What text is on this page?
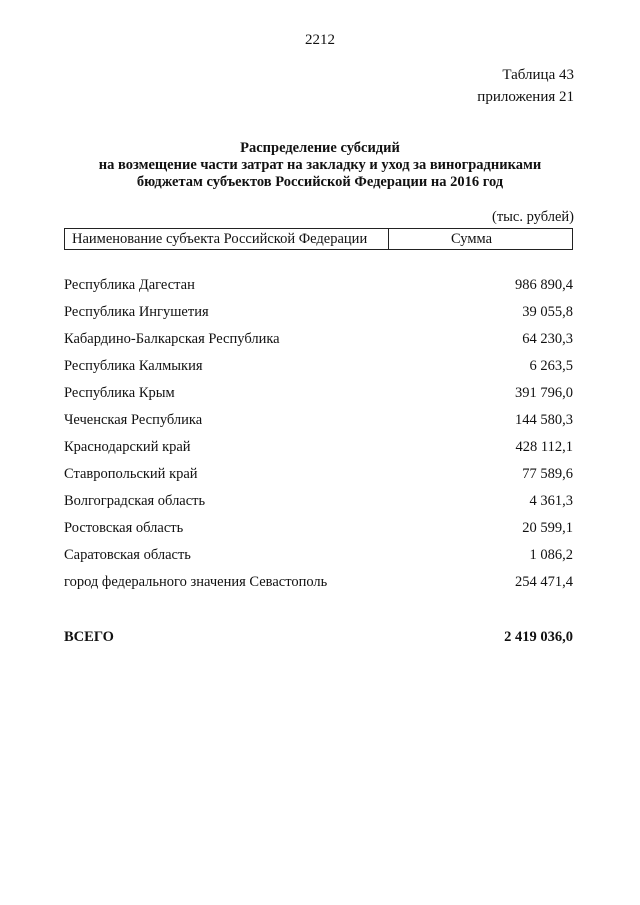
2212
Таблица 43
приложения 21
Распределение субсидий
на возмещение части затрат на закладку и уход за виноградниками
бюджетам субъектов Российской Федерации на 2016 год
(тыс. рублей)
Наименование субъекта Российской Федерации	Сумма
Республика Дагестан	986 890,4
Республика Ингушетия	39 055,8
Кабардино-Балкарская Республика	64 230,3
Республика Калмыкия	6 263,5
Республика Крым	391 796,0
Чеченская Республика	144 580,3
Краснодарский край	428 112,1
Ставропольский край	77 589,6
Волгоградская область	4 361,3
Ростовская область	20 599,1
Саратовская область	1 086,2
город федерального значения Севастополь	254 471,4
ВСЕГО	2 419 036,0
